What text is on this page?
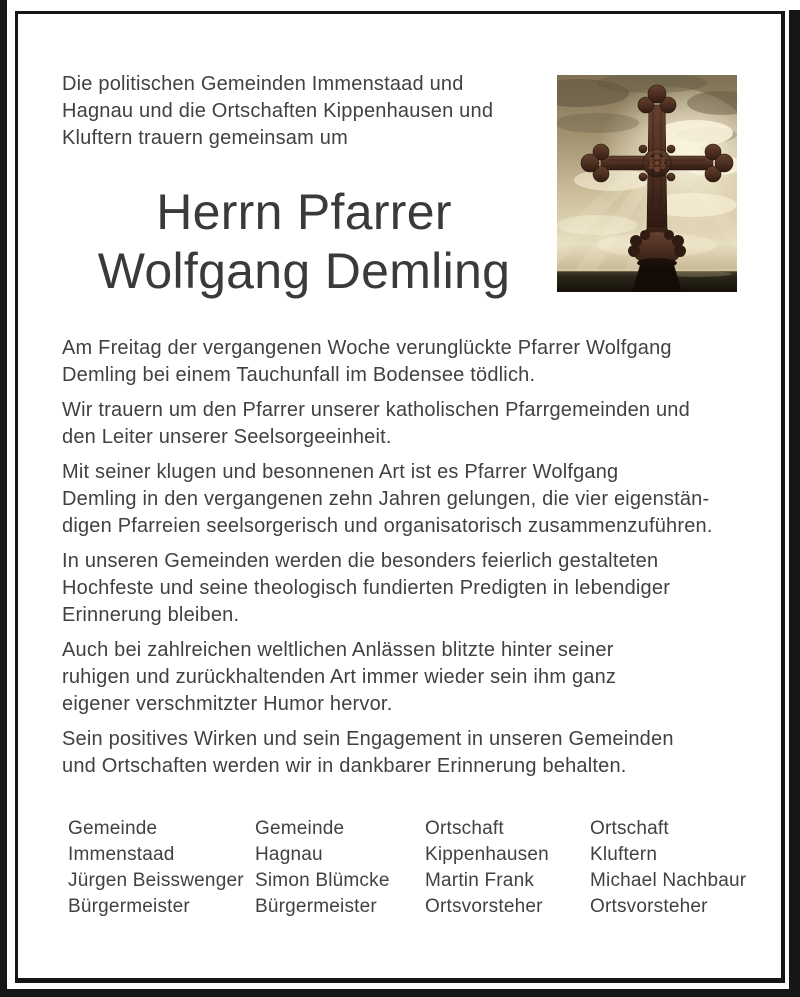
Die politischen Gemeinden Immenstaad und
Hagnau und die Ortschaften Kippenhausen und
Kluftern trauern gemeinsam um
Herrn Pfarrer
Wolfgang Demling
Am Freitag der vergangenen Woche verunglückte Pfarrer Wolfgang
Demling bei einem Tauchunfall im Bodensee tödlich.
Wir trauern um den Pfarrer unserer katholischen Pfarrgemeinden und
den Leiter unserer Seelsorgeeinheit.
Mit seiner klugen und besonnenen Art ist es Pfarrer Wolfgang
Demling in den vergangenen zehn Jahren gelungen, die vier eigenstän-
digen Pfarreien seelsorgerisch und organisatorisch zusammenzuführen.
In unseren Gemeinden werden die besonders feierlich gestalteten
Hochfeste und seine theologisch fundierten Predigten in lebendiger
Erinnerung bleiben.
Auch bei zahlreichen weltlichen Anlässen blitzte hinter seiner
ruhigen und zurückhaltenden Art immer wieder sein ihm ganz
eigener verschmitzter Humor hervor.
Sein positives Wirken und sein Engagement in unseren Gemeinden
und Ortschaften werden wir in dankbarer Erinnerung behalten.
Gemeinde
Immenstaad
Jürgen Beisswenger
Bürgermeister
Gemeinde
Hagnau
Simon Blümcke
Bürgermeister
Ortschaft
Kippenhausen
Martin Frank
Ortsvorsteher
Ortschaft
Kluftern
Michael Nachbaur
Ortsvorsteher
